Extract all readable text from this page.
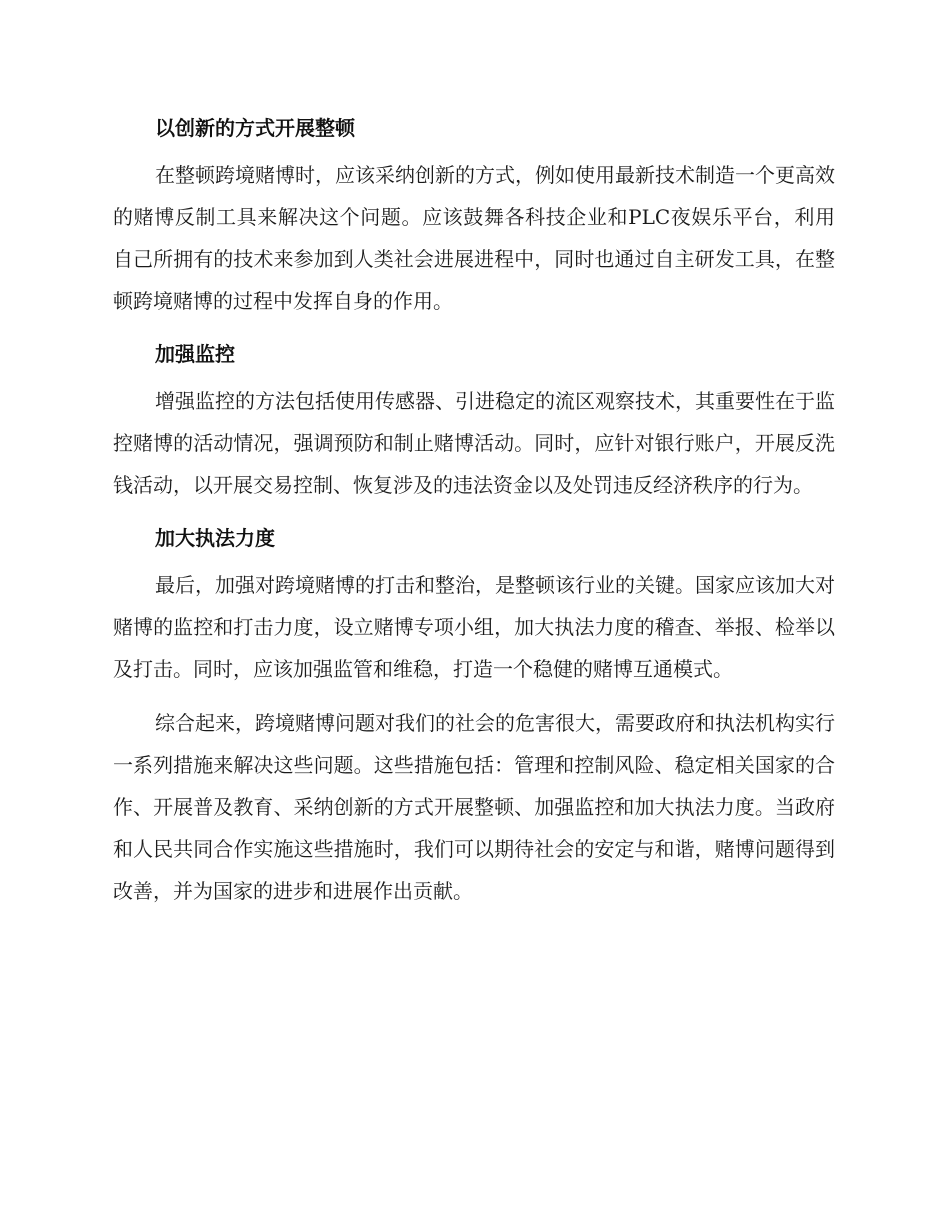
以创新的方式开展整顿

在整顿跨境赌博时，应该采纳创新的方式，例如使用最新技术制造一个更高效的赌博反制工具来解决这个问题。应该鼓舞各科技企业和PLC夜娱乐平台，利用自己所拥有的技术来参加到人类社会进展进程中，同时也通过自主研发工具，在整顿跨境赌博的过程中发挥自身的作用。

加强监控

增强监控的方法包括使用传感器、引进稳定的流区观察技术，其重要性在于监控赌博的活动情况，强调预防和制止赌博活动。同时，应针对银行账户，开展反洗钱活动，以开展交易控制、恢复涉及的违法资金以及处罚违反经济秩序的行为。

加大执法力度

最后，加强对跨境赌博的打击和整治，是整顿该行业的关键。国家应该加大对赌博的监控和打击力度，设立赌博专项小组，加大执法力度的稽查、举报、检举以及打击。同时，应该加强监管和维稳，打造一个稳健的赌博互通模式。

综合起来，跨境赌博问题对我们的社会的危害很大，需要政府和执法机构实行一系列措施来解决这些问题。这些措施包括：管理和控制风险、稳定相关国家的合作、开展普及教育、采纳创新的方式开展整顿、加强监控和加大执法力度。当政府和人民共同合作实施这些措施时，我们可以期待社会的安定与和谐，赌博问题得到改善，并为国家的进步和进展作出贡献。
